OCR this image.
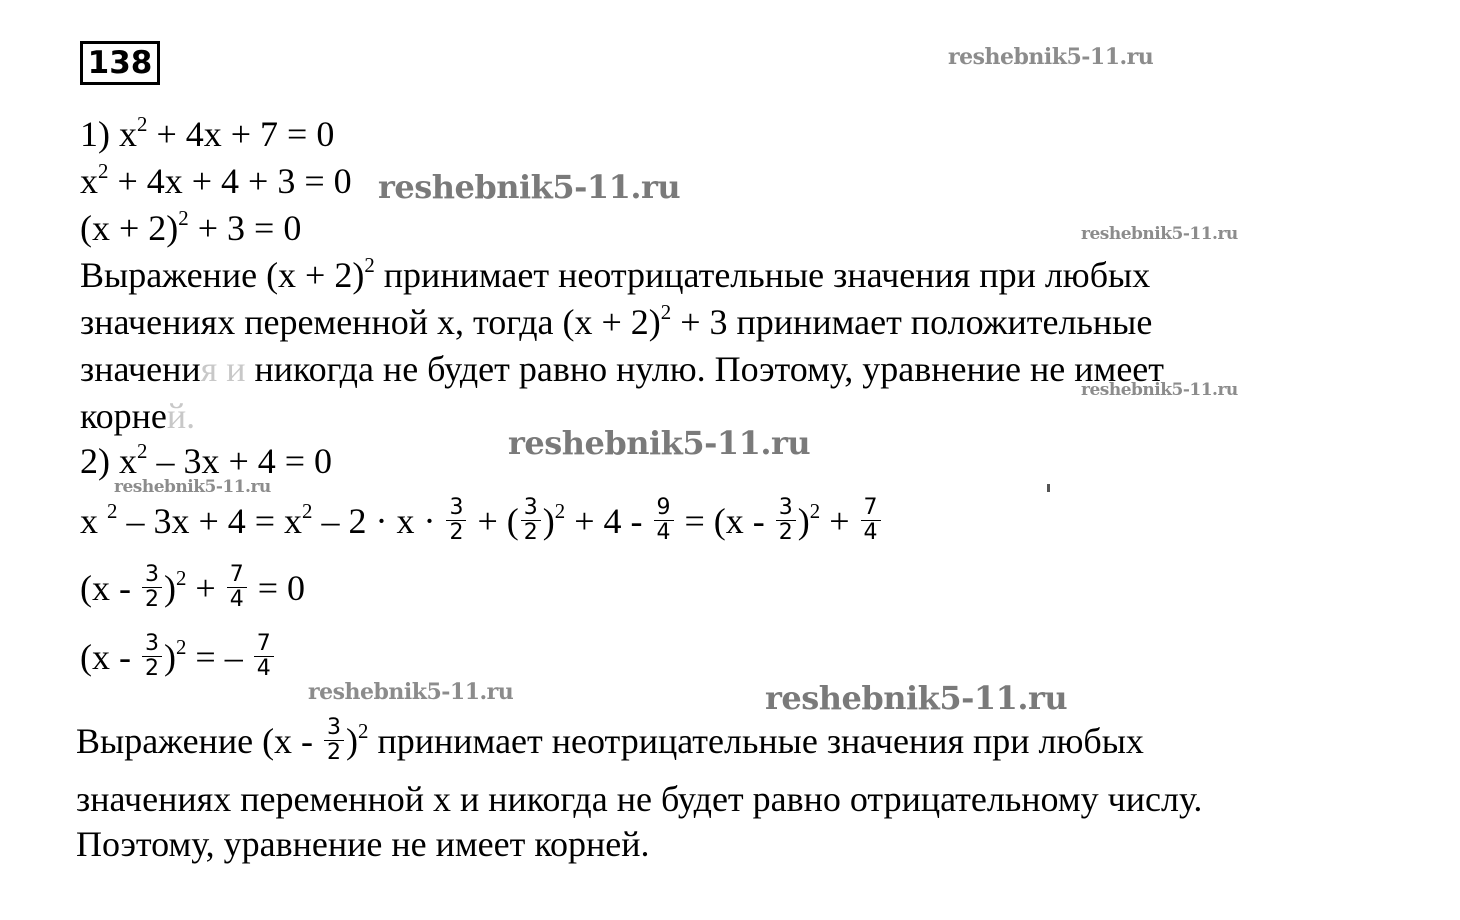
138	reshebnik5-11.ru
reshebnik5-11.ru
reshebnik5-11.ru
reshebnik5-11.ru
reshebnik5-11.ru
reshebnik5-11.ru
reshebnik5-11.ru	reshebnik5-11.ru
1) $x^2 + 4x + 7 = 0$
$x^2 + 4x + 4 + 3 = 0$
$(x + 2)^2 + 3 = 0$
Выражение $(x + 2)^2$ принимает неотрицательные значения при любых
значениях переменной x, тогда $(x + 2)^2 + 3$ принимает положительные
значения и никогда не будет равно нулю. Поэтому, уравнение не имеет
корней.
2) $x^2 - 3x + 4 = 0$
x $^2 - 3x + 4 = x^2 - 2 \cdot x \cdot \frac{3}{2}$ + ( $\frac{3}{2} )^2 + 4 - \frac{9}{4} = (x - \frac{3}{2} )^2 + \frac{7}{4}$
$(x - \frac{3}{2} )^2 + \frac{7}{4} = 0$
$(x - \frac{3}{2} )^2$ = – $\frac{7}{4}$
Выражение $(x - \frac{3}{2} )^2$ принимает неотрицательные значения при любых
значениях переменной x и никогда не будет равно отрицательному числу.
Поэтому, уравнение не имеет корней.
